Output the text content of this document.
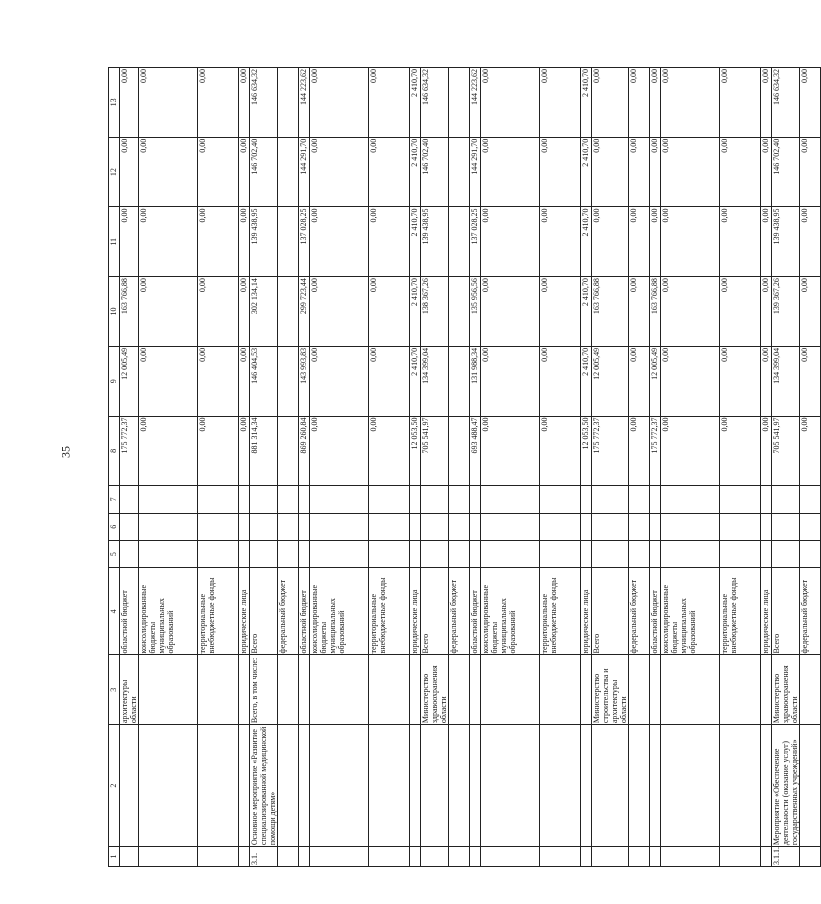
35
1	2	3	4	5	6	7	8	9	10	11	12	13
		архитектуры области	областной бюджет				175 772,37	12 005,49	163 766,88	0,00	0,00	0,00
			консолидированные бюджеты муниципальных образований				0,00	0,00	0,00	0,00	0,00	0,00
			территориальные внебюджетные фонды				0,00	0,00	0,00	0,00	0,00	0,00
			юридические лица				0,00	0,00	0,00	0,00	0,00	0,00
3.1.	Основное мероприятие «Развитие специализированной медицинской помощи детям»	Всего, в том числе:	Всего				881 314,34	146 404,53	302 134,14	139 438,95	146 702,40	146 634,32
			федеральный бюджет									
			областной бюджет				869 260,84	143 993,83	299 723,44	137 028,25	144 291,70	144 223,62
			консолидированные бюджеты муниципальных образований				0,00	0,00	0,00	0,00	0,00	0,00
			территориальные внебюджетные фонды				0,00	0,00	0,00	0,00	0,00	0,00
			юридические лица				12 053,50	2 410,70	2 410,70	2 410,70	2 410,70	2 410,70
		Министерство здравоохранения области	Всего				705 541,97	134 399,04	138 367,26	139 438,95	146 702,40	146 634,32
			федеральный бюджет									
			областной бюджет				693 488,47	131 988,34	135 956,56	137 028,25	144 291,70	144 223,62
			консолидированные бюджеты муниципальных образований				0,00	0,00	0,00	0,00	0,00	0,00
			территориальные внебюджетные фонды				0,00	0,00	0,00	0,00	0,00	0,00
			юридические лица				12 053,50	2 410,70	2 410,70	2 410,70	2 410,70	2 410,70
		Министерство строительства и архитектуры области	Всего				175 772,37	12 005,49	163 766,88	0,00	0,00	0,00
			федеральный бюджет				0,00	0,00	0,00	0,00	0,00	0,00
			областной бюджет				175 772,37	12 005,49	163 766,88	0,00	0,00	0,00
			консолидированные бюджеты муниципальных образований				0,00	0,00	0,00	0,00	0,00	0,00
			территориальные внебюджетные фонды				0,00	0,00	0,00	0,00	0,00	0,00
			юридические лица				0,00	0,00	0,00	0,00	0,00	0,00
3.1.1.	Мероприятие «Обеспечение деятельности (оказание услуг) государственных учреждений»	Министерство здравоохранения области	Всего				705 541,97	134 399,04	139 367,26	139 438,95	146 702,40	146 634,32
			федеральный бюджет				0,00	0,00	0,00	0,00	0,00	0,00
